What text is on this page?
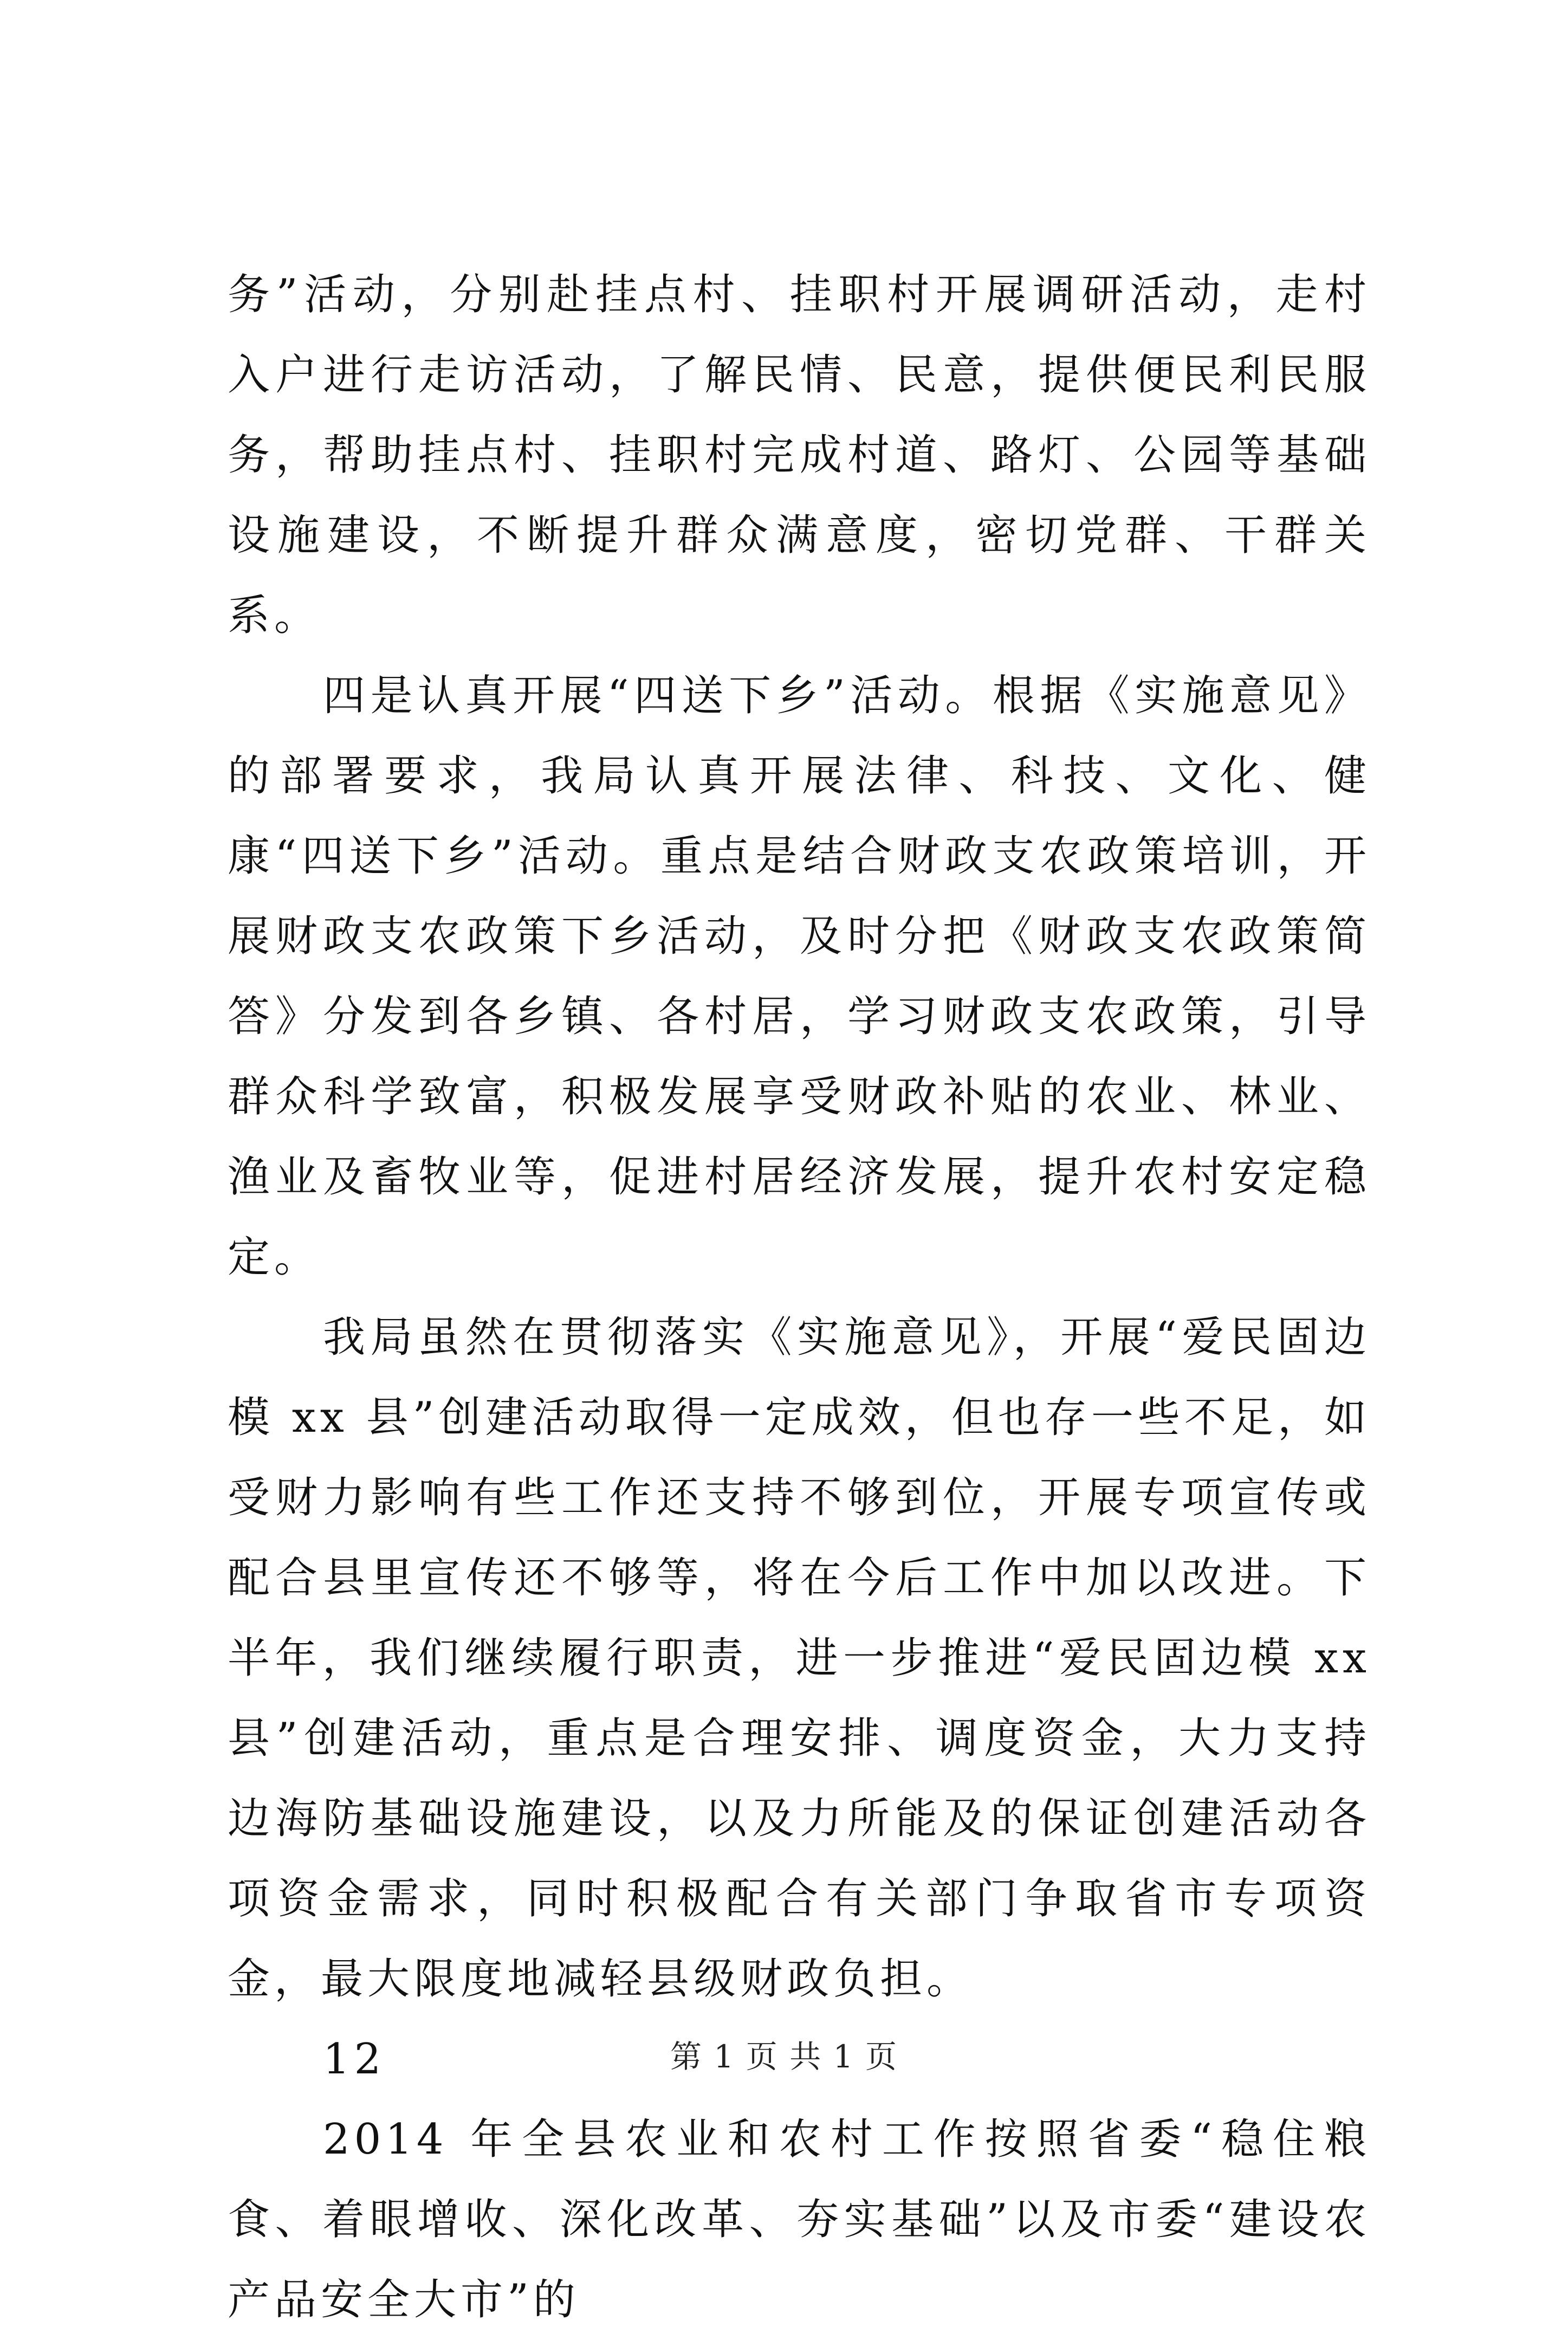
务”活动，分别赴挂点村、挂职村开展调研活动，走村入户进行走访活动，了解民情、民意，提供便民利民服务，帮助挂点村、挂职村完成村道、路灯、公园等基础设施建设，不断提升群众满意度，密切党群、干群关系。

四是认真开展“四送下乡”活动。根据《实施意见》的部署要求，我局认真开展法律、科技、文化、健康“四送下乡”活动。重点是结合财政支农政策培训，开展财政支农政策下乡活动，及时分把《财政支农政策简答》分发到各乡镇、各村居，学习财政支农政策，引导群众科学致富，积极发展享受财政补贴的农业、林业、渔业及畜牧业等，促进村居经济发展，提升农村安定稳定。

我局虽然在贯彻落实《实施意见》，开展“爱民固边模 xx 县”创建活动取得一定成效，但也存一些不足，如受财力影响有些工作还支持不够到位，开展专项宣传或配合县里宣传还不够等，将在今后工作中加以改进。下半年，我们继续履行职责，进一步推进“爱民固边模 xx 县”创建活动，重点是合理安排、调度资金，大力支持边海防基础设施建设，以及力所能及的保证创建活动各项资金需求，同时积极配合有关部门争取省市专项资金，最大限度地减轻县级财政负担。

12

2014 年全县农业和农村工作按照省委“稳住粮食、着眼增收、深化改革、夯实基础”以及市委“建设农产品安全大市”的

第 1 页 共 1 页
